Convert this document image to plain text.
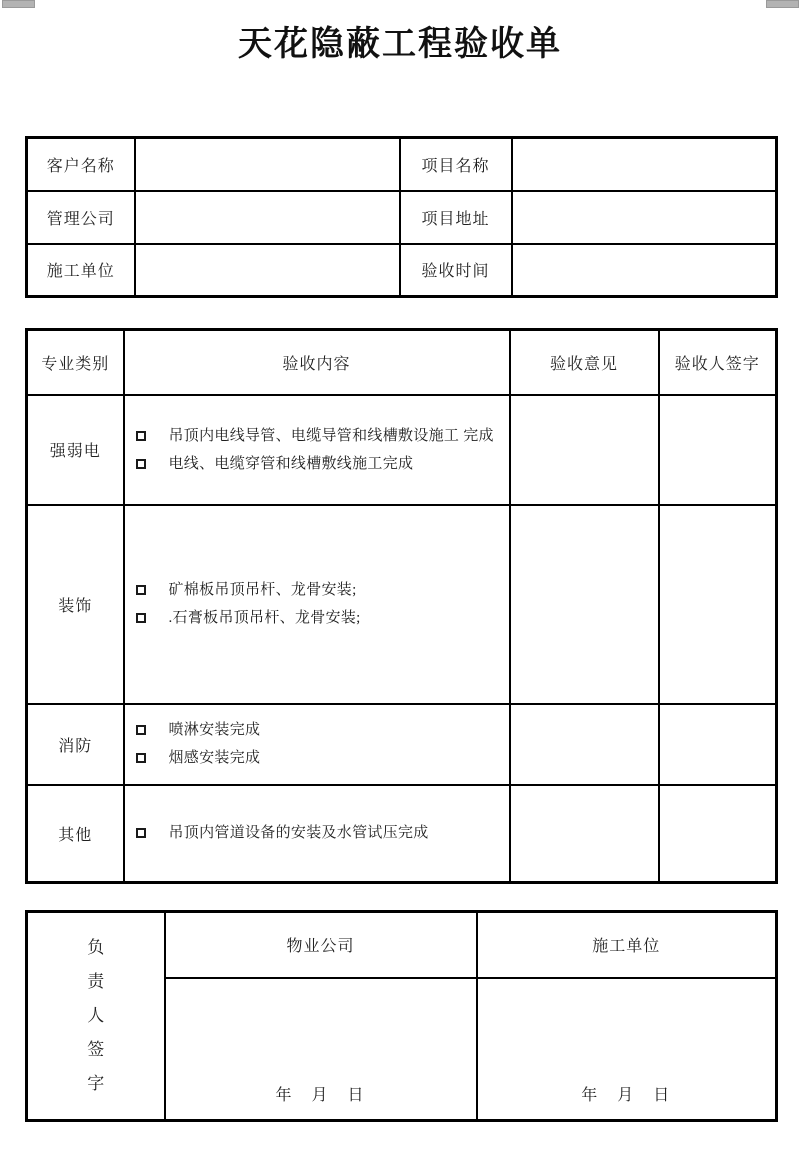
天花隐蔽工程验收单
客户名称		项目名称	
管理公司		项目地址	
施工单位		验收时间	
专业类别	验收内容	验收意见	验收人签字
强弱电	吊顶内电线导管、电缆导管和线槽敷设施工 完成
电线、电缆穿管和线槽敷线施工完成		

装饰	矿棉板吊顶吊杆、龙骨安装;
.石膏板吊顶吊杆、龙骨安装;		

消防	喷淋安装完成
烟感安装完成		

其他	吊顶内管道设备的安装及水管试压完成		

负责人签字	物业公司	施工单位

	年　月　日	年　月　日
